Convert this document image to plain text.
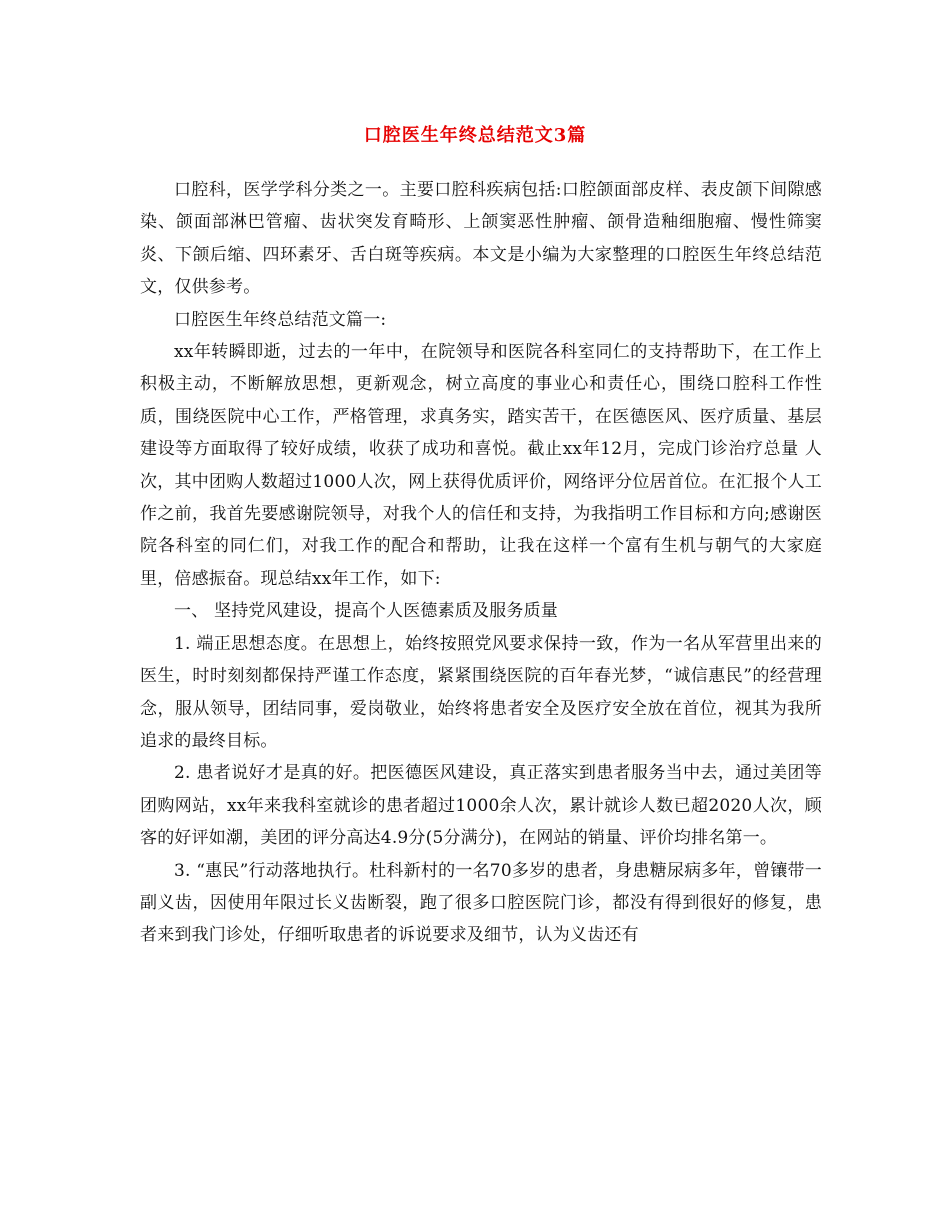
口腔医生年终总结范文3篇

口腔科，医学学科分类之一。主要口腔科疾病包括:口腔颌面部皮样、表皮颌下间隙感染、颌面部淋巴管瘤、齿状突发育畸形、上颌窦恶性肿瘤、颌骨造釉细胞瘤、慢性筛窦炎、下颌后缩、四环素牙、舌白斑等疾病。本文是小编为大家整理的口腔医生年终总结范文，仅供参考。

口腔医生年终总结范文篇一:

xx年转瞬即逝，过去的一年中，在院领导和医院各科室同仁的支持帮助下，在工作上积极主动，不断解放思想，更新观念，树立高度的事业心和责任心，围绕口腔科工作性质，围绕医院中心工作，严格管理，求真务实，踏实苦干，在医德医风、医疗质量、基层建设等方面取得了较好成绩，收获了成功和喜悦。截止xx年12月，完成门诊治疗总量 人次，其中团购人数超过1000人次，网上获得优质评价，网络评分位居首位。在汇报个人工作之前，我首先要感谢院领导，对我个人的信任和支持，为我指明工作目标和方向;感谢医院各科室的同仁们，对我工作的配合和帮助，让我在这样一个富有生机与朝气的大家庭里，倍感振奋。现总结xx年工作，如下:

一、 坚持党风建设，提高个人医德素质及服务质量

1. 端正思想态度。在思想上，始终按照党风要求保持一致，作为一名从军营里出来的医生，时时刻刻都保持严谨工作态度，紧紧围绕医院的百年春光梦，“诚信惠民”的经营理念，服从领导，团结同事，爱岗敬业，始终将患者安全及医疗安全放在首位，视其为我所追求的最终目标。

2. 患者说好才是真的好。把医德医风建设，真正落实到患者服务当中去，通过美团等团购网站，xx年来我科室就诊的患者超过1000余人次，累计就诊人数已超2020人次，顾客的好评如潮，美团的评分高达4.9分(5分满分)，在网站的销量、评价均排名第一。

3. “惠民”行动落地执行。杜科新村的一名70多岁的患者，身患糖尿病多年，曾镶带一副义齿，因使用年限过长义齿断裂，跑了很多口腔医院门诊，都没有得到很好的修复，患者来到我门诊处，仔细听取患者的诉说要求及细节，认为义齿还有
